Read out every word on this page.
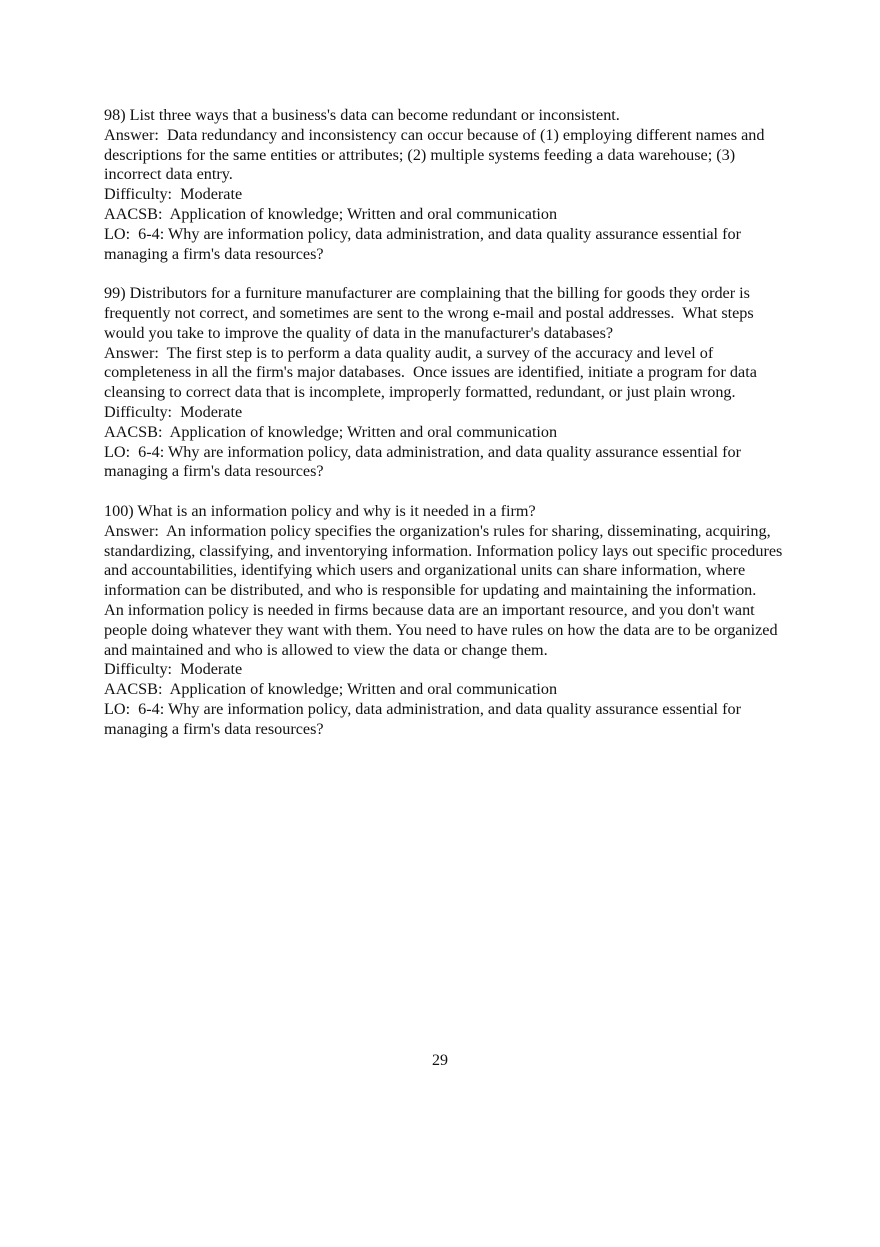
98) List three ways that a business's data can become redundant or inconsistent.
Answer:  Data redundancy and inconsistency can occur because of (1) employing different names and descriptions for the same entities or attributes; (2) multiple systems feeding a data warehouse; (3) incorrect data entry.
Difficulty:  Moderate
AACSB:  Application of knowledge; Written and oral communication
LO:  6-4: Why are information policy, data administration, and data quality assurance essential for managing a firm's data resources?
99) Distributors for a furniture manufacturer are complaining that the billing for goods they order is frequently not correct, and sometimes are sent to the wrong e-mail and postal addresses.  What steps would you take to improve the quality of data in the manufacturer's databases?
Answer:  The first step is to perform a data quality audit, a survey of the accuracy and level of completeness in all the firm's major databases.  Once issues are identified, initiate a program for data cleansing to correct data that is incomplete, improperly formatted, redundant, or just plain wrong.
Difficulty:  Moderate
AACSB:  Application of knowledge; Written and oral communication
LO:  6-4: Why are information policy, data administration, and data quality assurance essential for managing a firm's data resources?
100) What is an information policy and why is it needed in a firm?
Answer:  An information policy specifies the organization's rules for sharing, disseminating, acquiring, standardizing, classifying, and inventorying information. Information policy lays out specific procedures and accountabilities, identifying which users and organizational units can share information, where information can be distributed, and who is responsible for updating and maintaining the information.
An information policy is needed in firms because data are an important resource, and you don't want people doing whatever they want with them. You need to have rules on how the data are to be organized and maintained and who is allowed to view the data or change them.
Difficulty:  Moderate
AACSB:  Application of knowledge; Written and oral communication
LO:  6-4: Why are information policy, data administration, and data quality assurance essential for managing a firm's data resources?
29
